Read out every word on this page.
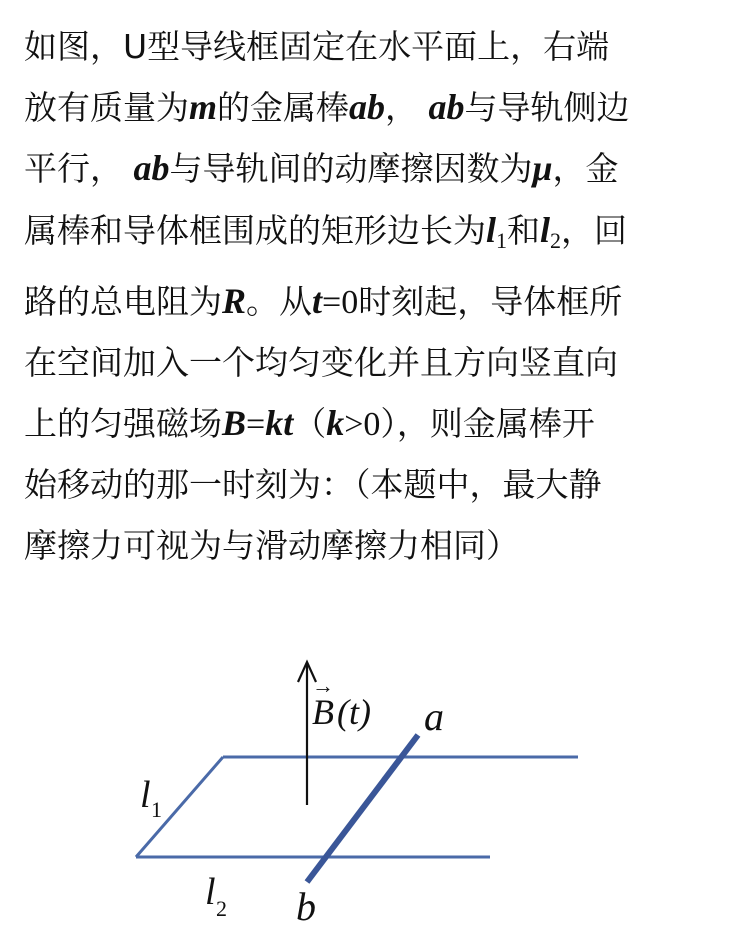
如图，U型导线框固定在水平面上，右端
放有质量为m的金属棒ab， ab与导轨侧边
平行， ab与导轨间的动摩擦因数为μ，金
属棒和导体框围成的矩形边长为$l_1$和$l_2$，回
路的总电阻为R。从t=0时刻起，导体框所
在空间加入一个均匀变化并且方向竖直向
上的匀强磁场B=kt（k>0），则金属棒开
始移动的那一时刻为：（本题中，最大静
摩擦力可视为与滑动摩擦力相同）
→
B (t) a
b
l 1
l 2
